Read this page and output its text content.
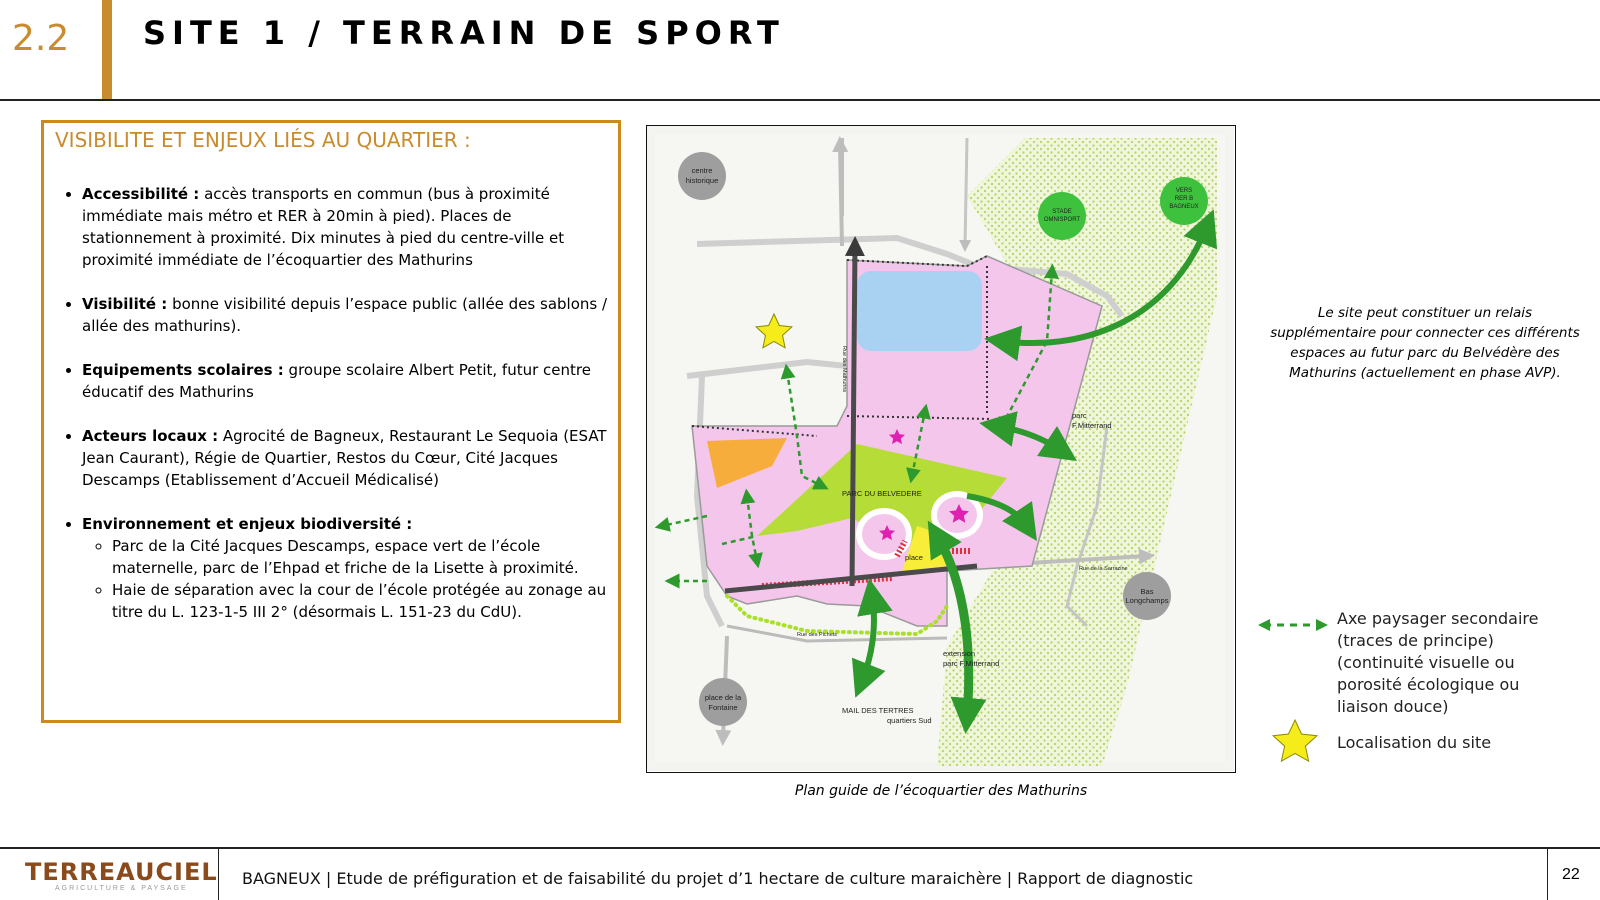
2.2 SITE 1 / TERRAIN DE SPORT
VISIBILITE ET ENJEUX LIÉS AU QUARTIER :
• Accessibilité : accès transports en commun (bus à proximité immédiate mais métro et RER à 20min à pied). Places de stationnement à proximité. Dix minutes à pied du centre-ville et proximité immédiate de l’écoquartier des Mathurins
• Visibilité : bonne visibilité depuis l’espace public (allée des sablons / allée des mathurins).
• Equipements scolaires : groupe scolaire Albert Petit, futur centre éducatif des Mathurins
• Acteurs locaux : Agrocité de Bagneux, Restaurant Le Sequoia (ESAT Jean Caurant), Régie de Quartier, Restos du Cœur, Cité Jacques Descamps (Etablissement d’Accueil Médicalisé)
• Environnement et enjeux biodiversité :
◦ Parc de la Cité Jacques Descamps, espace vert de l’école maternelle, parc de l’Ehpad et friche de la Lisette à proximité.
◦ Haie de séparation avec la cour de l’école protégée au zonage au titre du L. 123-1-5 III 2° (désormais L. 151-23 du CdU).
centre
historique
STADE
OMNISPORT
VERS
RER B
BAGNEUX
parc
F.Mitterrand
PARC DU BELVEDERE
place
Bas
Longchamps
place de la
Fontaine	MAIL DES TERTRES
quartiers Sud
extension
parc F.Mitterrand
Rue des Mathurins
Rue de la Sarrazine
Rue des Pichets
Plan guide de l’écoquartier des Mathurins
Le site peut constituer un relais supplémentaire pour connecter ces différents espaces au futur parc du Belvédère des Mathurins (actuellement en phase AVP).
Axe paysager secondaire (traces de principe) (continuité visuelle ou porosité écologique ou liaison douce)
Localisation du site
TERREAUCIEL
AGRICULTURE & PAYSAGE
BAGNEUX | Etude de préfiguration et de faisabilité du projet d’1 hectare de culture maraichère | Rapport de diagnostic	22
